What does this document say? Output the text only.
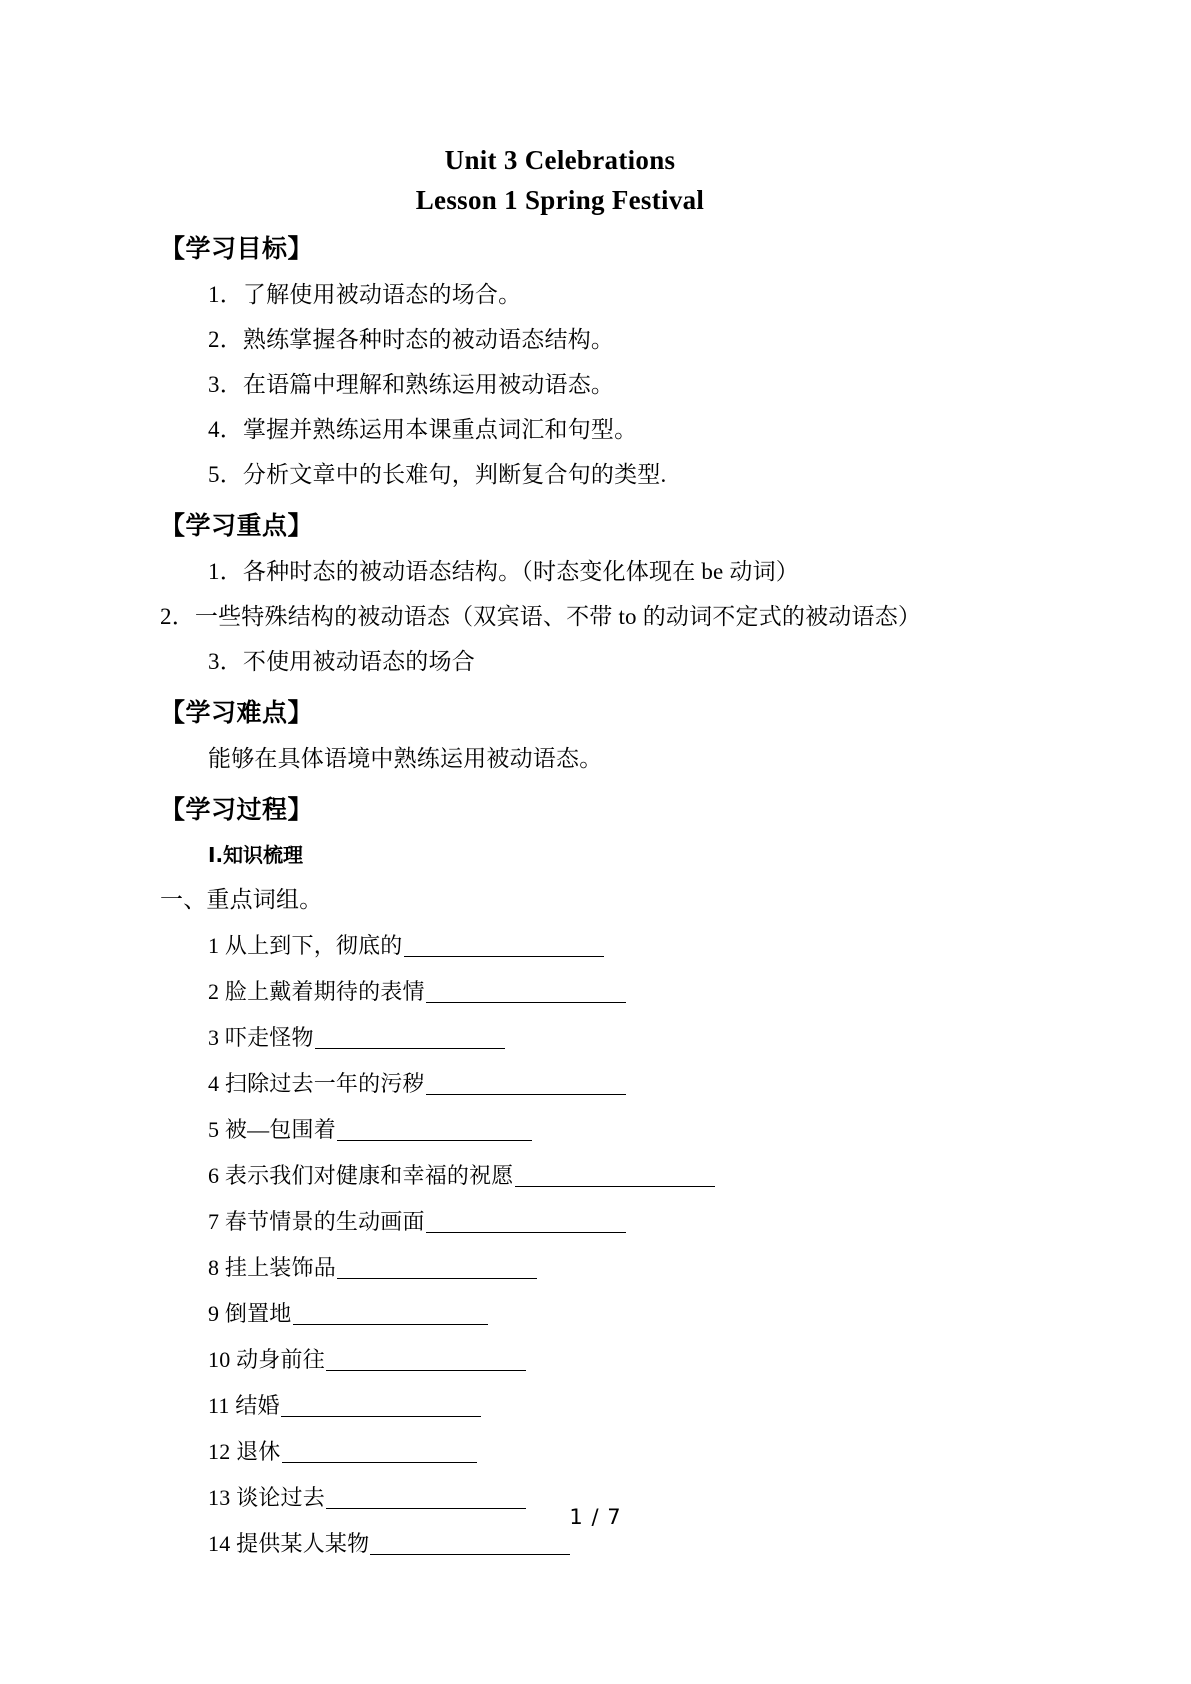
Unit 3 Celebrations
Lesson 1 Spring Festival
【学习目标】
1．了解使用被动语态的场合。
2．熟练掌握各种时态的被动语态结构。
3．在语篇中理解和熟练运用被动语态。
4．掌握并熟练运用本课重点词汇和句型。
5．分析文章中的长难句，判断复合句的类型.
【学习重点】
1．各种时态的被动语态结构。（时态变化体现在 be 动词）
2．一些特殊结构的被动语态（双宾语、不带 to 的动词不定式的被动语态）
3．不使用被动语态的场合
【学习难点】
能够在具体语境中熟练运用被动语态。
【学习过程】
I.知识梳理
一、重点词组。
1 从上到下，彻底的
2 脸上戴着期待的表情
3 吓走怪物
4 扫除过去一年的污秽
5 被—包围着
6 表示我们对健康和幸福的祝愿
7 春节情景的生动画面
8 挂上装饰品
9 倒置地
10 动身前往
11 结婚
12 退休
13 谈论过去
14 提供某人某物
1 / 7
